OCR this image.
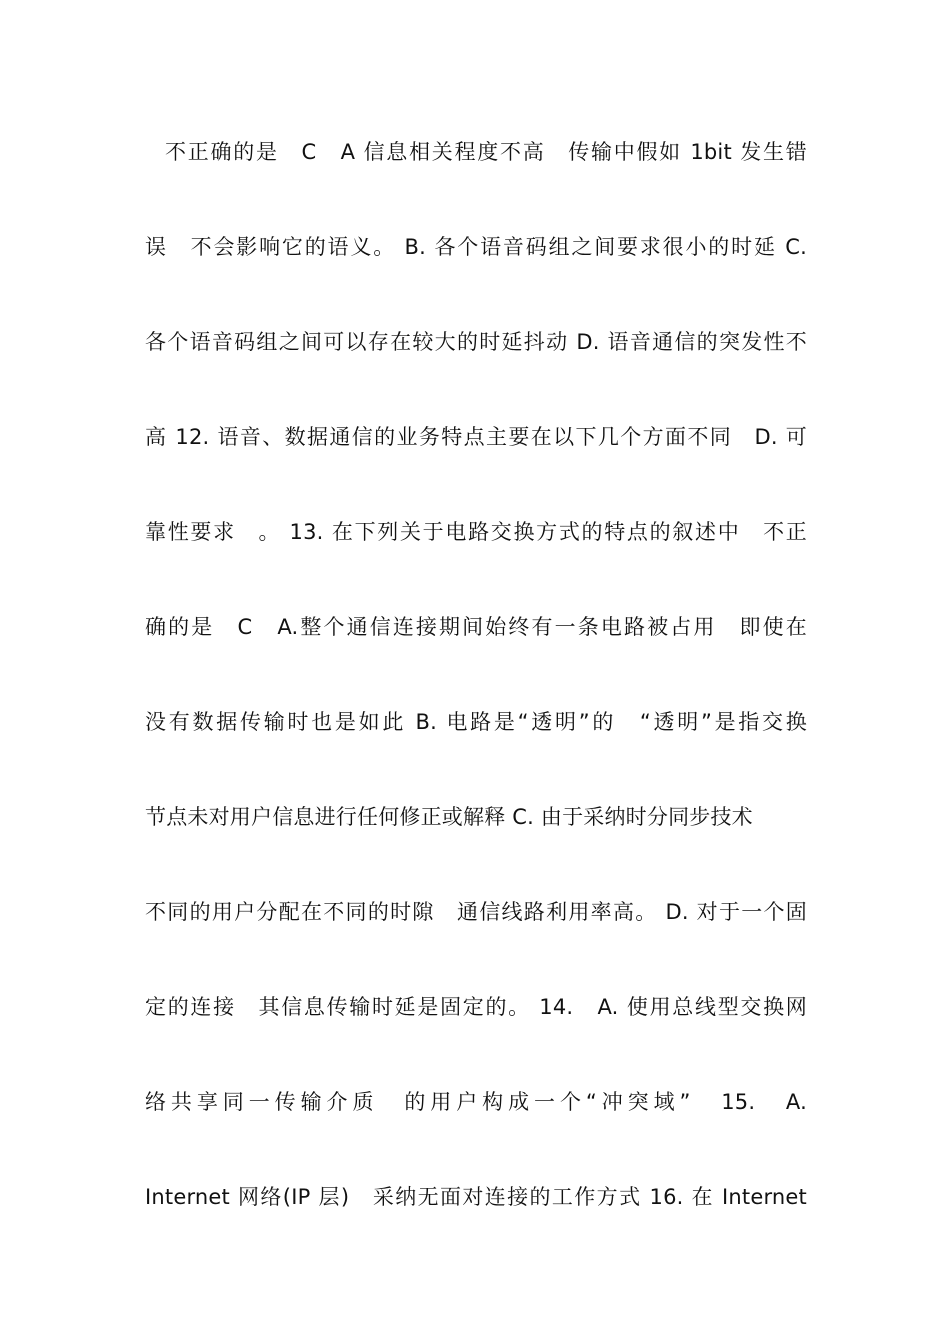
不正确的是　C　A 信息相关程度不高　传输中假如 1bit 发生错
误　不会影响它的语义。 B. 各个语音码组之间要求很小的时延 C.
各个语音码组之间可以存在较大的时延抖动 D. 语音通信的突发性不
高 12. 语音、数据通信的业务特点主要在以下几个方面不同　D. 可
靠性要求　。 13. 在下列关于电路交换方式的特点的叙述中　不正
确的是　C　A.整个通信连接期间始终有一条电路被占用　即使在
没有数据传输时也是如此 B. 电路是“透明”的　“透明”是指交换
节点未对用户信息进行任何修正或解释 C. 由于采纳时分同步技术
不同的用户分配在不同的时隙　通信线路利用率高。 D. 对于一个固
定的连接　其信息传输时延是固定的。 14.　A. 使用总线型交换网
络共享同一传输介质　的用户构成一个“冲突域”　15.　A.
Internet 网络(IP 层)　采纳无面对连接的工作方式 16. 在 Internet
